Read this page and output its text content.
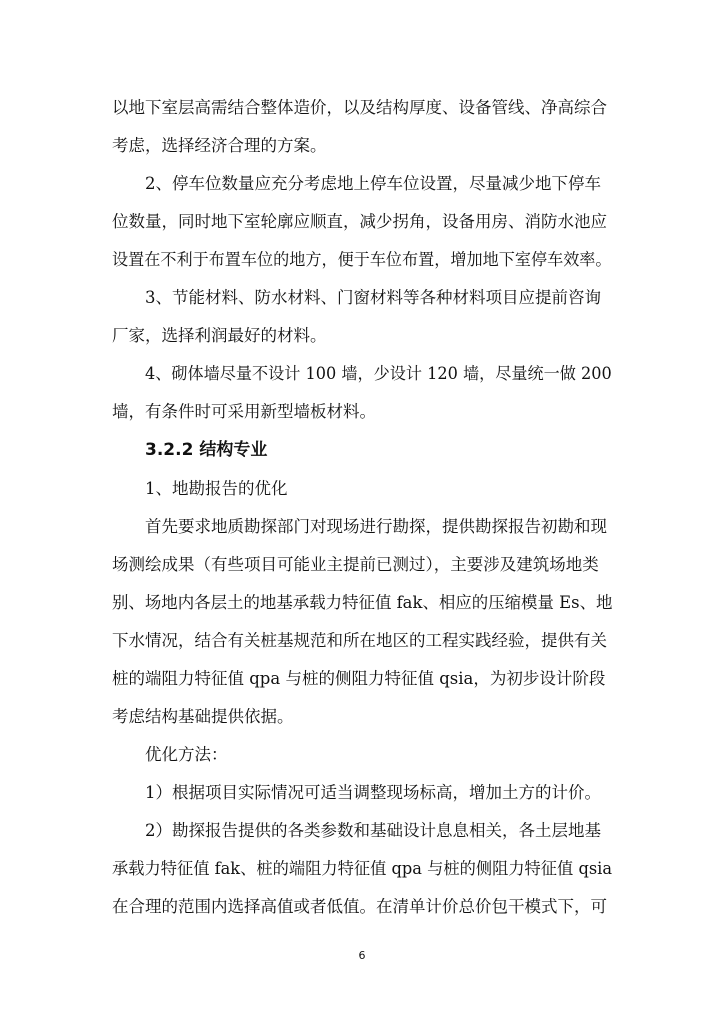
以地下室层高需结合整体造价，以及结构厚度、设备管线、净高综合
考虑，选择经济合理的方案。
2、停车位数量应充分考虑地上停车位设置，尽量减少地下停车
位数量，同时地下室轮廓应顺直，减少拐角，设备用房、消防水池应
设置在不利于布置车位的地方，便于车位布置，增加地下室停车效率。
3、节能材料、防水材料、门窗材料等各种材料项目应提前咨询
厂家，选择利润最好的材料。
4、砌体墙尽量不设计 100 墙，少设计 120 墙，尽量统一做 200
墙，有条件时可采用新型墙板材料。
3.2.2 结构专业
1、地勘报告的优化
首先要求地质勘探部门对现场进行勘探，提供勘探报告初勘和现
场测绘成果（有些项目可能业主提前已测过），主要涉及建筑场地类
别、场地内各层土的地基承载力特征值 fak、相应的压缩模量 Es、地
下水情况，结合有关桩基规范和所在地区的工程实践经验，提供有关
桩的端阻力特征值 qpa 与桩的侧阻力特征值 qsia，为初步设计阶段
考虑结构基础提供依据。
优化方法：
1）根据项目实际情况可适当调整现场标高，增加土方的计价。
2）勘探报告提供的各类参数和基础设计息息相关，各土层地基
承载力特征值 fak、桩的端阻力特征值 qpa 与桩的侧阻力特征值 qsia
在合理的范围内选择高值或者低值。在清单计价总价包干模式下，可
6
